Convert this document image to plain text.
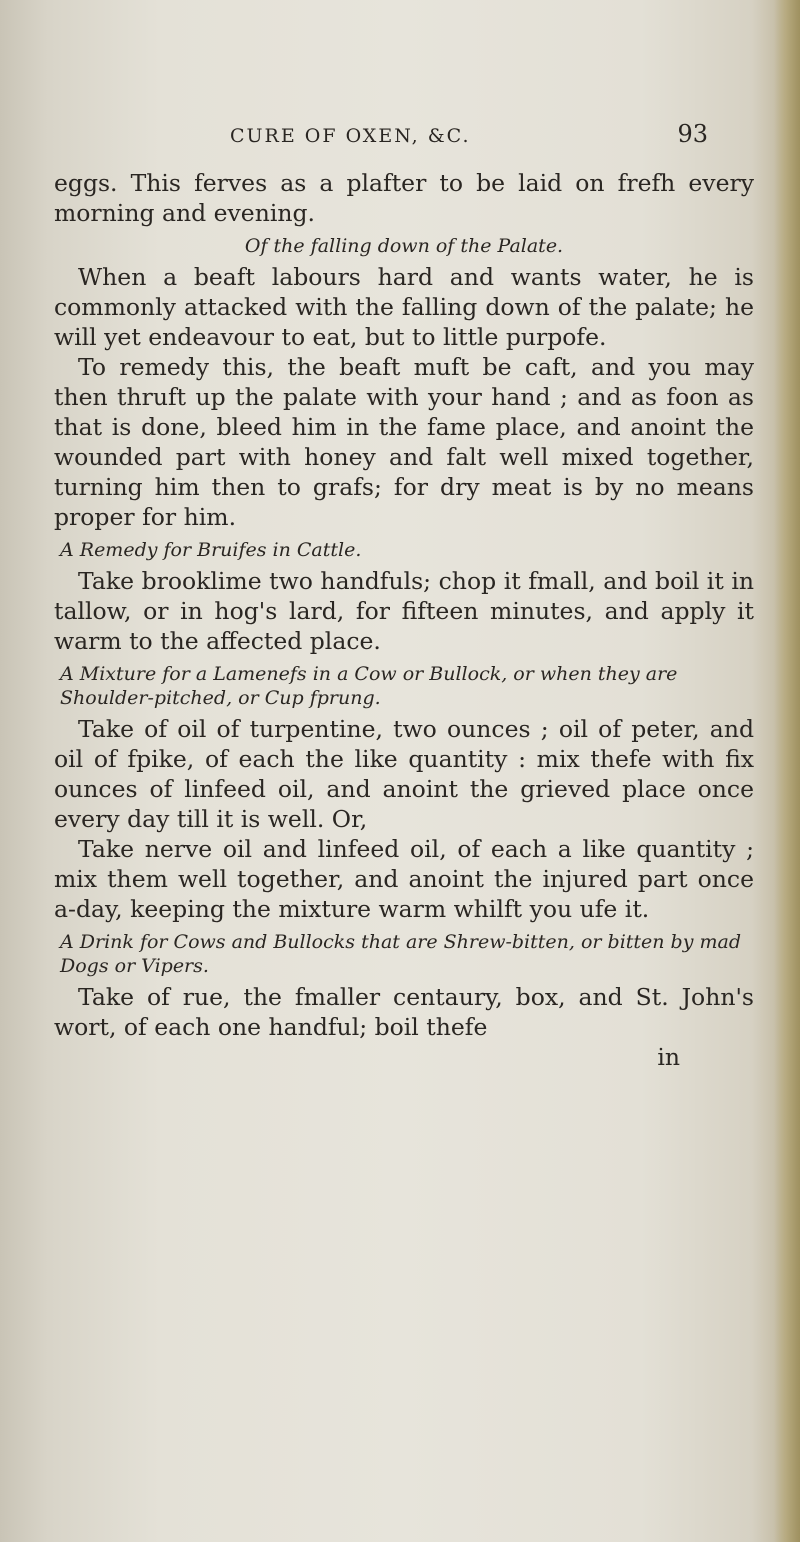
CURE OF OXEN, &C.	93

eggs. This ferves as a plafter to be laid on frefh every morning and evening.

Of the falling down of the Palate.

When a beaft labours hard and wants water, he is commonly attacked with the falling down of the palate; he will yet endeavour to eat, but to little purpofe.

To remedy this, the beaft muft be caft, and you may then thruft up the palate with your hand ; and as foon as that is done, bleed him in the fame place, and anoint the wounded part with honey and falt well mixed together, turning him then to grafs; for dry meat is by no means proper for him.

A Remedy for Bruifes in Cattle.

Take brooklime two handfuls; chop it fmall, and boil it in tallow, or in hog's lard, for fifteen minutes, and apply it warm to the affected place.

A Mixture for a Lamenefs in a Cow or Bullock, or when they are Shoulder-pitched, or Cup fprung.

Take of oil of turpentine, two ounces ; oil of peter, and oil of fpike, of each the like quantity : mix thefe with fix ounces of linfeed oil, and anoint the grieved place once every day till it is well. Or,

Take nerve oil and linfeed oil, of each a like quantity ; mix them well together, and anoint the injured part once a-day, keeping the mixture warm whilft you ufe it.

A Drink for Cows and Bullocks that are Shrew-bitten, or bitten by mad Dogs or Vipers.

Take of rue, the fmaller centaury, box, and St. John's wort, of each one handful; boil thefe

in
